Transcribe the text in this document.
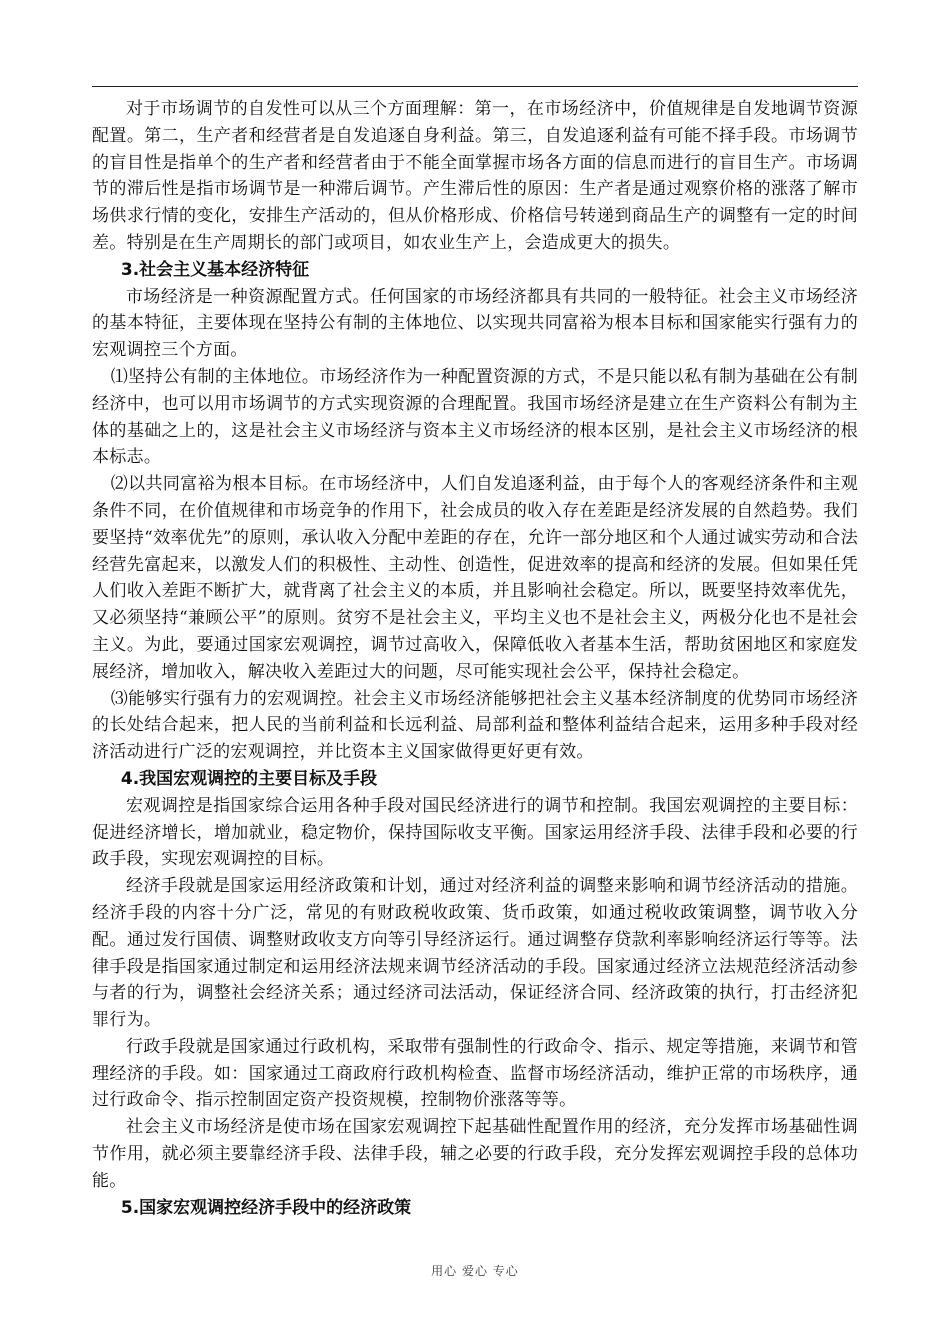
对于市场调节的自发性可以从三个方面理解：第一，在市场经济中，价值规律是自发地调节资源配置。第二，生产者和经营者是自发追逐自身利益。第三，自发追逐利益有可能不择手段。市场调节的盲目性是指单个的生产者和经营者由于不能全面掌握市场各方面的信息而进行的盲目生产。市场调节的滞后性是指市场调节是一种滞后调节。产生滞后性的原因：生产者是通过观察价格的涨落了解市场供求行情的变化，安排生产活动的，但从价格形成、价格信号转递到商品生产的调整有一定的时间差。特别是在生产周期长的部门或项目，如农业生产上，会造成更大的损失。

3.社会主义基本经济特征

市场经济是一种资源配置方式。任何国家的市场经济都具有共同的一般特征。社会主义市场经济的基本特征，主要体现在坚持公有制的主体地位、以实现共同富裕为根本目标和国家能实行强有力的宏观调控三个方面。

⑴坚持公有制的主体地位。市场经济作为一种配置资源的方式，不是只能以私有制为基础在公有制经济中，也可以用市场调节的方式实现资源的合理配置。我国市场经济是建立在生产资料公有制为主体的基础之上的，这是社会主义市场经济与资本主义市场经济的根本区别，是社会主义市场经济的根本标志。

⑵以共同富裕为根本目标。在市场经济中，人们自发追逐利益，由于每个人的客观经济条件和主观条件不同，在价值规律和市场竞争的作用下，社会成员的收入存在差距是经济发展的自然趋势。我们要坚持“效率优先”的原则，承认收入分配中差距的存在，允许一部分地区和个人通过诚实劳动和合法经营先富起来，以激发人们的积极性、主动性、创造性，促进效率的提高和经济的发展。但如果任凭人们收入差距不断扩大，就背离了社会主义的本质，并且影响社会稳定。所以，既要坚持效率优先，又必须坚持“兼顾公平”的原则。贫穷不是社会主义，平均主义也不是社会主义，两极分化也不是社会主义。为此，要通过国家宏观调控，调节过高收入，保障低收入者基本生活，帮助贫困地区和家庭发展经济，增加收入，解决收入差距过大的问题，尽可能实现社会公平，保持社会稳定。

⑶能够实行强有力的宏观调控。社会主义市场经济能够把社会主义基本经济制度的优势同市场经济的长处结合起来，把人民的当前利益和长远利益、局部利益和整体利益结合起来，运用多种手段对经济活动进行广泛的宏观调控，并比资本主义国家做得更好更有效。

4.我国宏观调控的主要目标及手段

宏观调控是指国家综合运用各种手段对国民经济进行的调节和控制。我国宏观调控的主要目标：促进经济增长，增加就业，稳定物价，保持国际收支平衡。国家运用经济手段、法律手段和必要的行政手段，实现宏观调控的目标。

经济手段就是国家运用经济政策和计划，通过对经济利益的调整来影响和调节经济活动的措施。经济手段的内容十分广泛，常见的有财政税收政策、货币政策，如通过税收政策调整，调节收入分配。通过发行国债、调整财政收支方向等引导经济运行。通过调整存贷款利率影响经济运行等等。法律手段是指国家通过制定和运用经济法规来调节经济活动的手段。国家通过经济立法规范经济活动参与者的行为，调整社会经济关系；通过经济司法活动，保证经济合同、经济政策的执行，打击经济犯罪行为。

行政手段就是国家通过行政机构，采取带有强制性的行政命令、指示、规定等措施，来调节和管理经济的手段。如：国家通过工商政府行政机构检查、监督市场经济活动，维护正常的市场秩序，通过行政命令、指示控制固定资产投资规模，控制物价涨落等等。

社会主义市场经济是使市场在国家宏观调控下起基础性配置作用的经济，充分发挥市场基础性调节作用，就必须主要靠经济手段、法律手段，辅之必要的行政手段，充分发挥宏观调控手段的总体功能。

5.国家宏观调控经济手段中的经济政策

用心 爱心 专心
